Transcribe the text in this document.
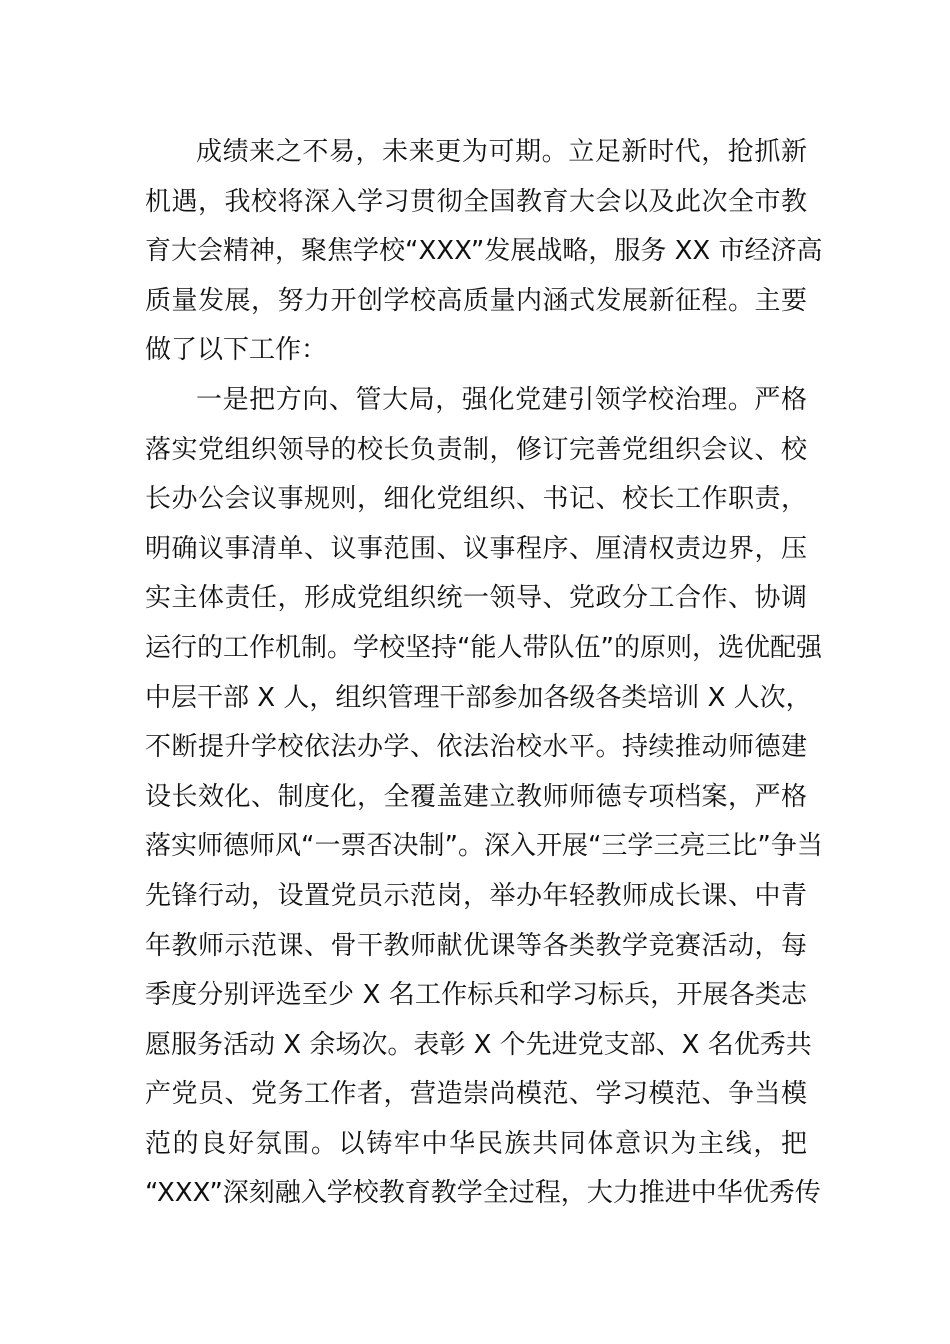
成绩来之不易，未来更为可期。立足新时代，抢抓新
机遇，我校将深入学习贯彻全国教育大会以及此次全市教
育大会精神，聚焦学校“XXX”发展战略，服务 XX 市经济高
质量发展，努力开创学校高质量内涵式发展新征程。主要
做了以下工作：
一是把方向、管大局，强化党建引领学校治理。严格
落实党组织领导的校长负责制，修订完善党组织会议、校
长办公会议事规则，细化党组织、书记、校长工作职责，
明确议事清单、议事范围、议事程序、厘清权责边界，压
实主体责任，形成党组织统一领导、党政分工合作、协调
运行的工作机制。学校坚持“能人带队伍”的原则，选优配强
中层干部 X 人，组织管理干部参加各级各类培训 X 人次，
不断提升学校依法办学、依法治校水平。持续推动师德建
设长效化、制度化，全覆盖建立教师师德专项档案，严格
落实师德师风“一票否决制”。深入开展“三学三亮三比”争当
先锋行动，设置党员示范岗，举办年轻教师成长课、中青
年教师示范课、骨干教师献优课等各类教学竞赛活动，每
季度分别评选至少 X 名工作标兵和学习标兵，开展各类志
愿服务活动 X 余场次。表彰 X 个先进党支部、X 名优秀共
产党员、党务工作者，营造崇尚模范、学习模范、争当模
范的良好氛围。以铸牢中华民族共同体意识为主线，把
“XXX”深刻融入学校教育教学全过程，大力推进中华优秀传
